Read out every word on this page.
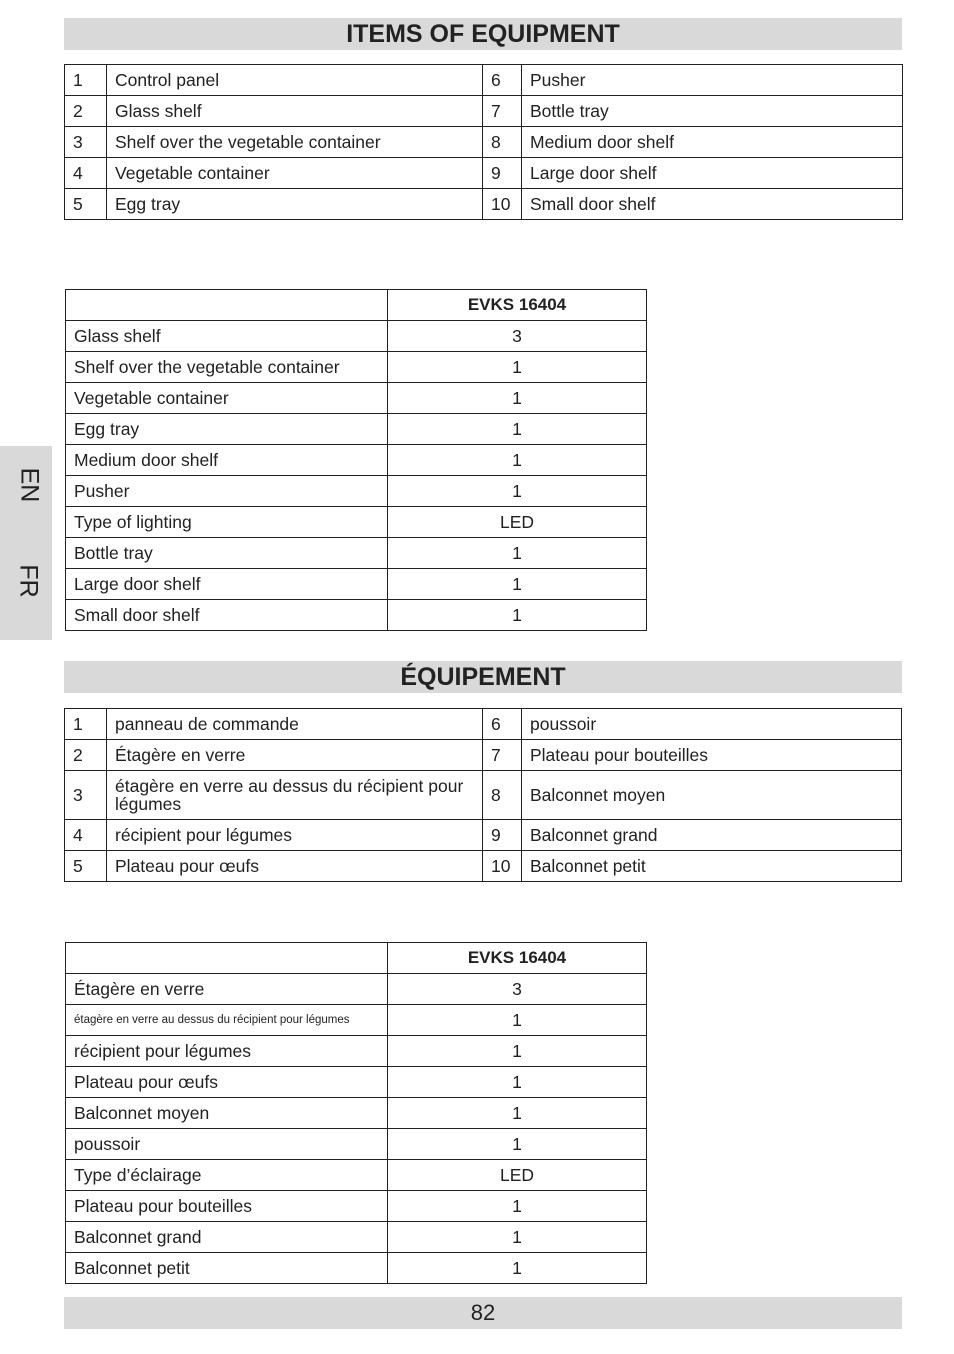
ITEMS OF EQUIPMENT
1	Control panel	6	Pusher
2	Glass shelf	7	Bottle tray
3	Shelf over the vegetable container	8	Medium door shelf
4	Vegetable container	9	Large door shelf
5	Egg tray	10	Small door shelf
	EVKS 16404
Glass shelf	3
Shelf over the vegetable container	1
Vegetable container	1
Egg tray	1
Medium door shelf	1
Pusher	1
Type of lighting	LED
Bottle tray	1
Large door shelf	1
Small door shelf	1
EN
FR
ÉQUIPEMENT
1	panneau de commande	6	poussoir
2	Étagère en verre	7	Plateau pour bouteilles
3	étagère en verre au dessus du récipient pour légumes	8	Balconnet moyen
4	récipient pour légumes	9	Balconnet grand
5	Plateau pour œufs	10	Balconnet petit
	EVKS 16404
Étagère en verre	3
étagère en verre au dessus du récipient pour légumes	1
récipient pour légumes	1
Plateau pour œufs	1
Balconnet moyen	1
poussoir	1
Type d’éclairage	LED
Plateau pour bouteilles	1
Balconnet grand	1
Balconnet petit	1
82
